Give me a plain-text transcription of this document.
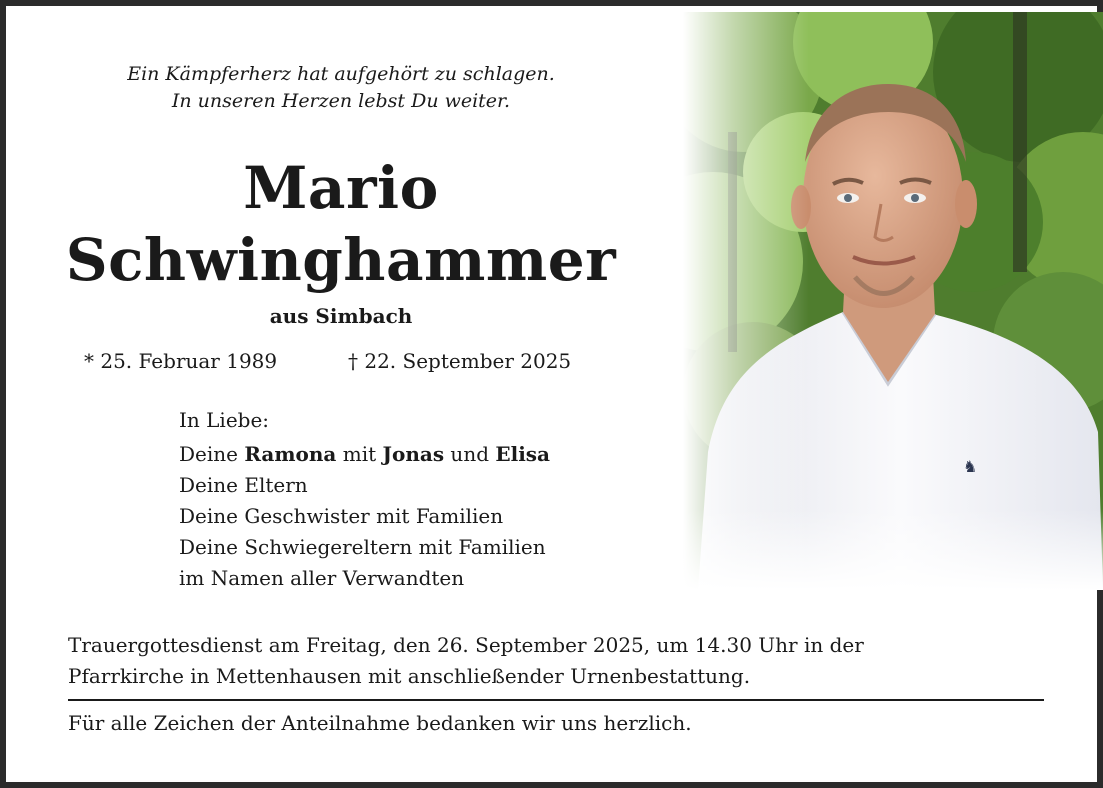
Ein Kämpferherz hat aufgehört zu schlagen.
In unseren Herzen lebst Du weiter.
Mario
Schwinghammer
aus Simbach
* 25. Februar 1989	† 22. September 2025
In Liebe:
Deine Ramona mit Jonas und Elisa
Deine Eltern
Deine Geschwister mit Familien
Deine Schwiegereltern mit Familien
im Namen aller Verwandten
Trauergottesdienst am Freitag, den 26. September 2025, um 14.30 Uhr in der
Pfarrkirche in Mettenhausen mit anschließender Urnenbestattung.
Für alle Zeichen der Anteilnahme bedanken wir uns herzlich.
